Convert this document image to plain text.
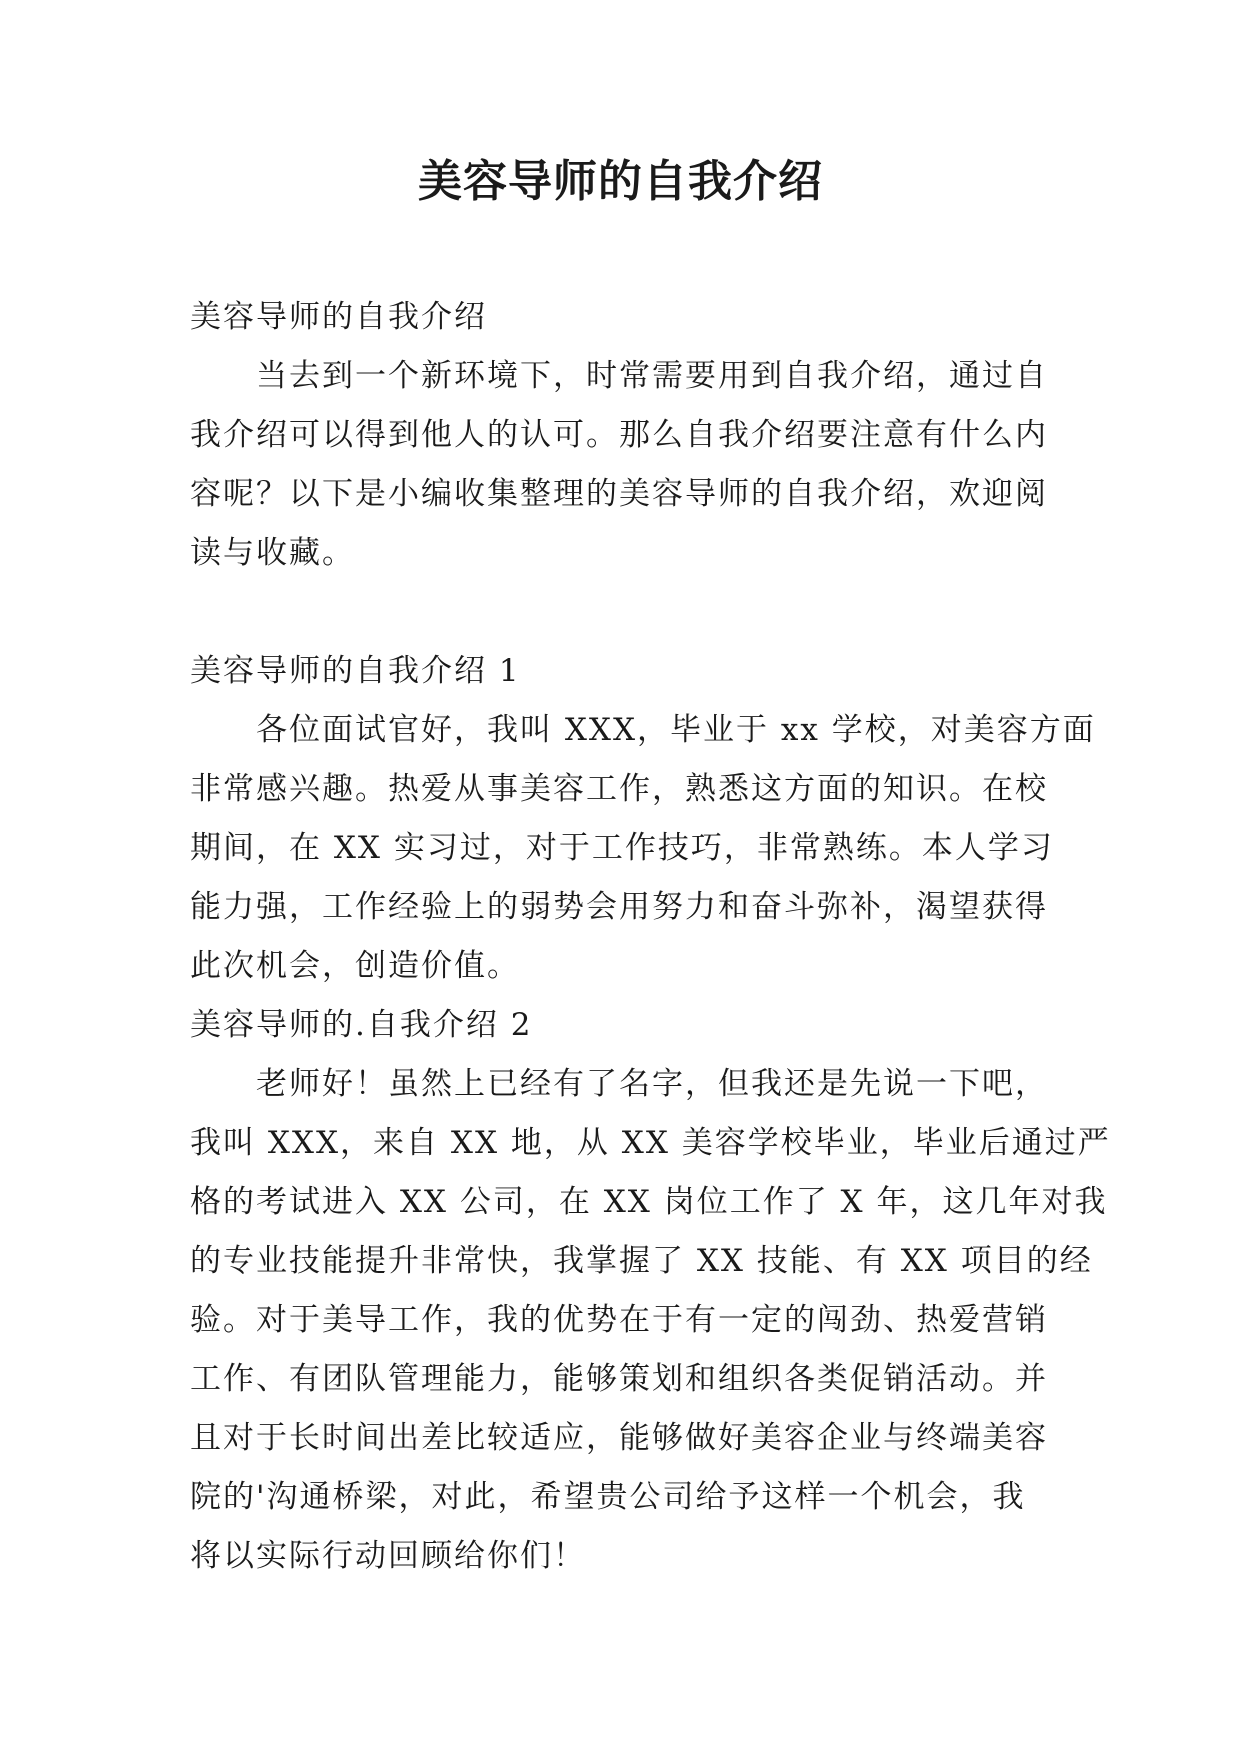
美容导师的自我介绍
美容导师的自我介绍
当去到一个新环境下，时常需要用到自我介绍，通过自
我介绍可以得到他人的认可。那么自我介绍要注意有什么内
容呢？以下是小编收集整理的美容导师的自我介绍，欢迎阅
读与收藏。
美容导师的自我介绍 1
各位面试官好，我叫 XXX，毕业于 xx 学校，对美容方面
非常感兴趣。热爱从事美容工作，熟悉这方面的知识。在校
期间，在 XX 实习过，对于工作技巧，非常熟练。本人学习
能力强，工作经验上的弱势会用努力和奋斗弥补，渴望获得
此次机会，创造价值。
美容导师的.自我介绍 2
老师好！虽然上已经有了名字，但我还是先说一下吧，
我叫 XXX，来自 XX 地，从 XX 美容学校毕业，毕业后通过严
格的考试进入 XX 公司，在 XX 岗位工作了 X 年，这几年对我
的专业技能提升非常快，我掌握了 XX 技能、有 XX 项目的经
验。对于美导工作，我的优势在于有一定的闯劲、热爱营销
工作、有团队管理能力，能够策划和组织各类促销活动。并
且对于长时间出差比较适应，能够做好美容企业与终端美容
院的'沟通桥梁，对此，希望贵公司给予这样一个机会，我
将以实际行动回顾给你们！
